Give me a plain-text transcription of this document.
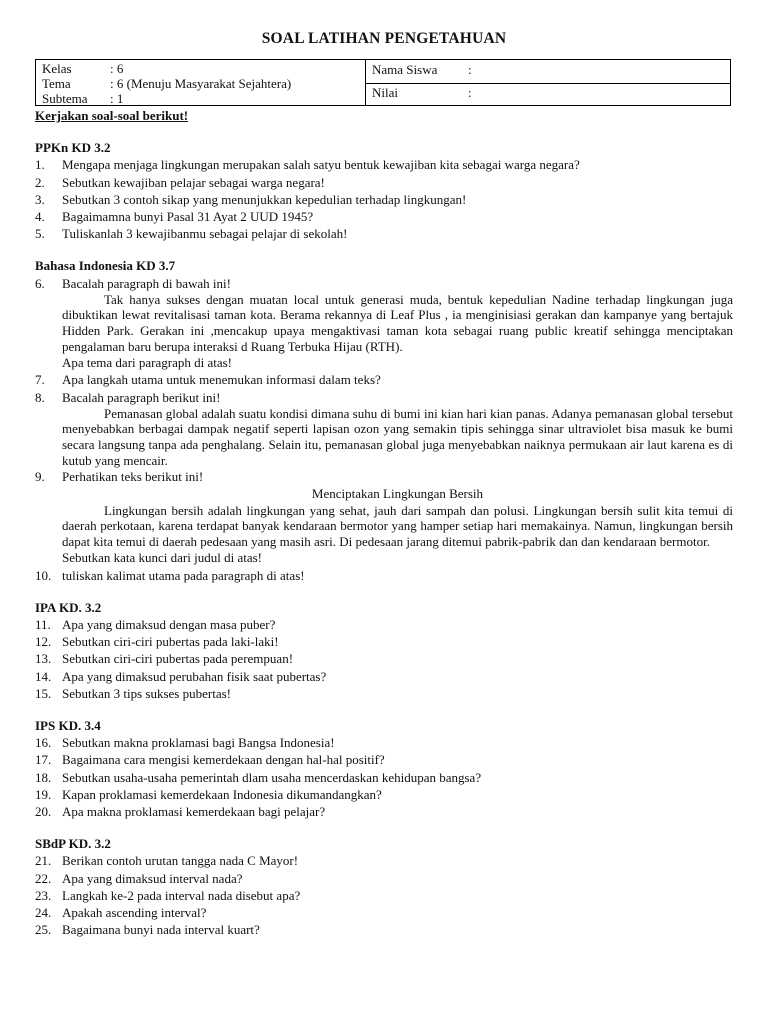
SOAL LATIHAN PENGETAHUAN
Kelas	: 6
Tema	: 6 (Menuju Masyarakat Sejahtera)
Subtema	: 1
Nama Siswa	:
Nilai	:
Kerjakan soal-soal berikut!
PPKn KD 3.2
1.	Mengapa menjaga lingkungan merupakan salah satyu bentuk kewajiban kita sebagai warga negara?
2.	Sebutkan kewajiban pelajar sebagai warga negara!
3.	Sebutkan 3 contoh sikap yang menunjukkan kepedulian terhadap lingkungan!
4.	Bagaimamna bunyi Pasal 31 Ayat 2 UUD 1945?
5.	Tuliskanlah 3 kewajibanmu sebagai pelajar di sekolah!
Bahasa Indonesia KD 3.7
6.	Bacalah paragraph di bawah ini!
Tak hanya sukses dengan muatan local untuk generasi muda, bentuk kepedulian Nadine terhadap lingkungan juga dibuktikan lewat revitalisasi taman kota. Berama rekannya di Leaf Plus , ia menginisiasi gerakan dan kampanye yang bertajuk Hidden Park. Gerakan ini ,mencakup upaya mengaktivasi taman kota sebagai ruang public kreatif sehingga menciptakan pengalaman baru berupa interaksi d Ruang Terbuka Hijau (RTH).
Apa tema dari paragraph di atas!
7.	Apa langkah utama untuk menemukan informasi dalam teks?
8.	Bacalah paragraph berikut ini!
Pemanasan global adalah suatu kondisi dimana suhu di bumi ini kian hari kian panas. Adanya pemanasan global tersebut menyebabkan berbagai dampak negatif seperti lapisan ozon yang semakin tipis sehingga sinar ultraviolet bisa masuk ke bumi secara langsung tanpa ada penghalang. Selain itu, pemanasan global juga menyebabkan naiknya permukaan air laut karena es di kutub yang mencair.
9.	Perhatikan teks berikut ini!
Menciptakan Lingkungan Bersih
Lingkungan bersih adalah lingkungan yang sehat, jauh dari sampah dan polusi. Lingkungan bersih sulit kita temui di daerah perkotaan, karena terdapat banyak kendaraan bermotor yang hamper setiap hari memakainya. Namun, lingkungan bersih dapat kita temui di daerah pedesaan yang masih asri. Di pedesaan jarang ditemui pabrik-pabrik dan dan kendaraan bermotor.
Sebutkan kata kunci dari judul di atas!
10. tuliskan kalimat utama pada paragraph di atas!
IPA KD. 3.2
11. Apa yang dimaksud dengan masa puber?
12. Sebutkan ciri-ciri pubertas pada laki-laki!
13. Sebutkan ciri-ciri pubertas pada perempuan!
14. Apa yang dimaksud perubahan fisik saat pubertas?
15. Sebutkan 3 tips sukses pubertas!
IPS KD. 3.4
16. Sebutkan makna proklamasi bagi Bangsa Indonesia!
17. Bagaimana cara mengisi kemerdekaan dengan hal-hal positif?
18. Sebutkan usaha-usaha pemerintah dlam usaha mencerdaskan kehidupan bangsa?
19. Kapan proklamasi kemerdekaan Indonesia dikumandangkan?
20. Apa makna proklamasi kemerdekaan bagi pelajar?
SBdP KD. 3.2
21. Berikan contoh urutan tangga nada C Mayor!
22. Apa yang dimaksud interval nada?
23. Langkah ke-2 pada interval nada disebut apa?
24. Apakah ascending interval?
25. Bagaimana bunyi nada interval kuart?
